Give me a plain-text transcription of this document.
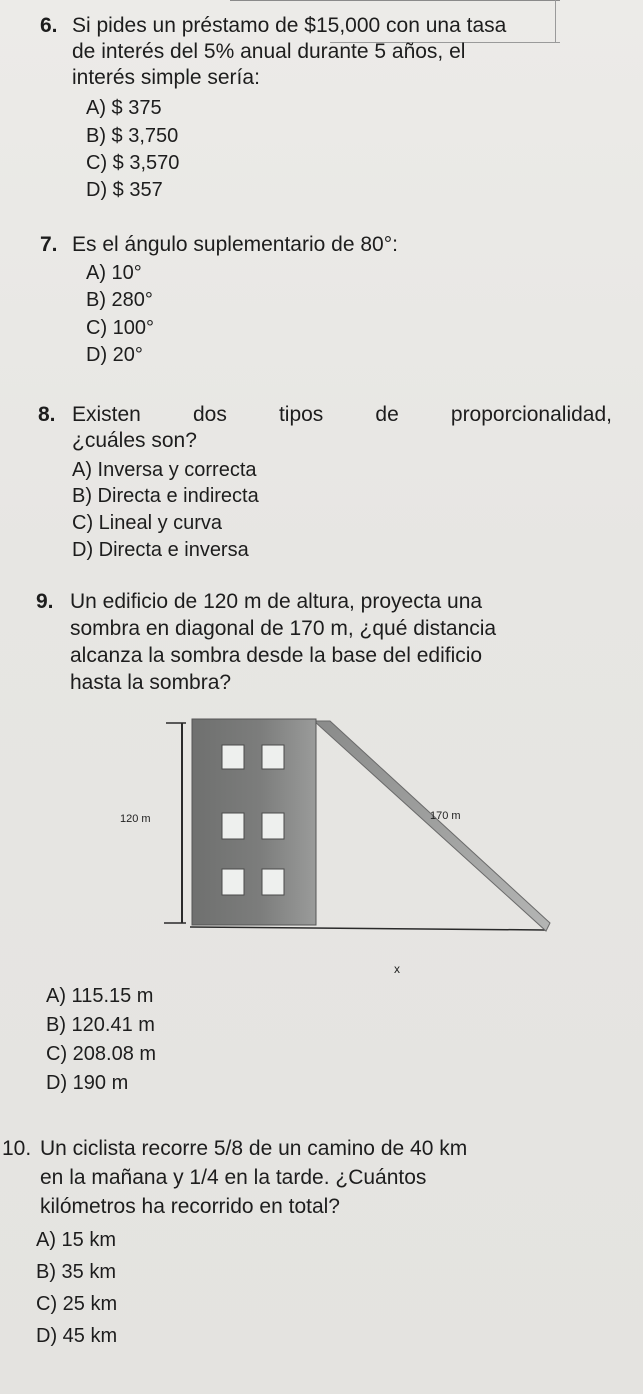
6. Si pides un préstamo de $15,000 con una tasa
de interés del 5% anual durante 5 años, el
interés simple sería:
A) $ 375
B) $ 3,750
C) $ 3,570
D) $ 357
7. Es el ángulo suplementario de 80°:
A) 10°
B) 280°
C) 100°
D) 20°
8. Existen dos tipos de proporcionalidad,
¿cuáles son?
A) Inversa y correcta
B) Directa e indirecta
C) Lineal y curva
D) Directa e inversa
9. Un edificio de 120 m de altura, proyecta una
sombra en diagonal de 170 m, ¿qué distancia
alcanza la sombra desde la base del edificio
hasta la sombra?
120 m	170 m
x
A) 115.15 m
B) 120.41 m
C) 208.08 m
D) 190 m
10. Un ciclista recorre 5/8 de un camino de 40 km
en la mañana y 1/4 en la tarde. ¿Cuántos
kilómetros ha recorrido en total?
A) 15 km
B) 35 km
C) 25 km
D) 45 km
